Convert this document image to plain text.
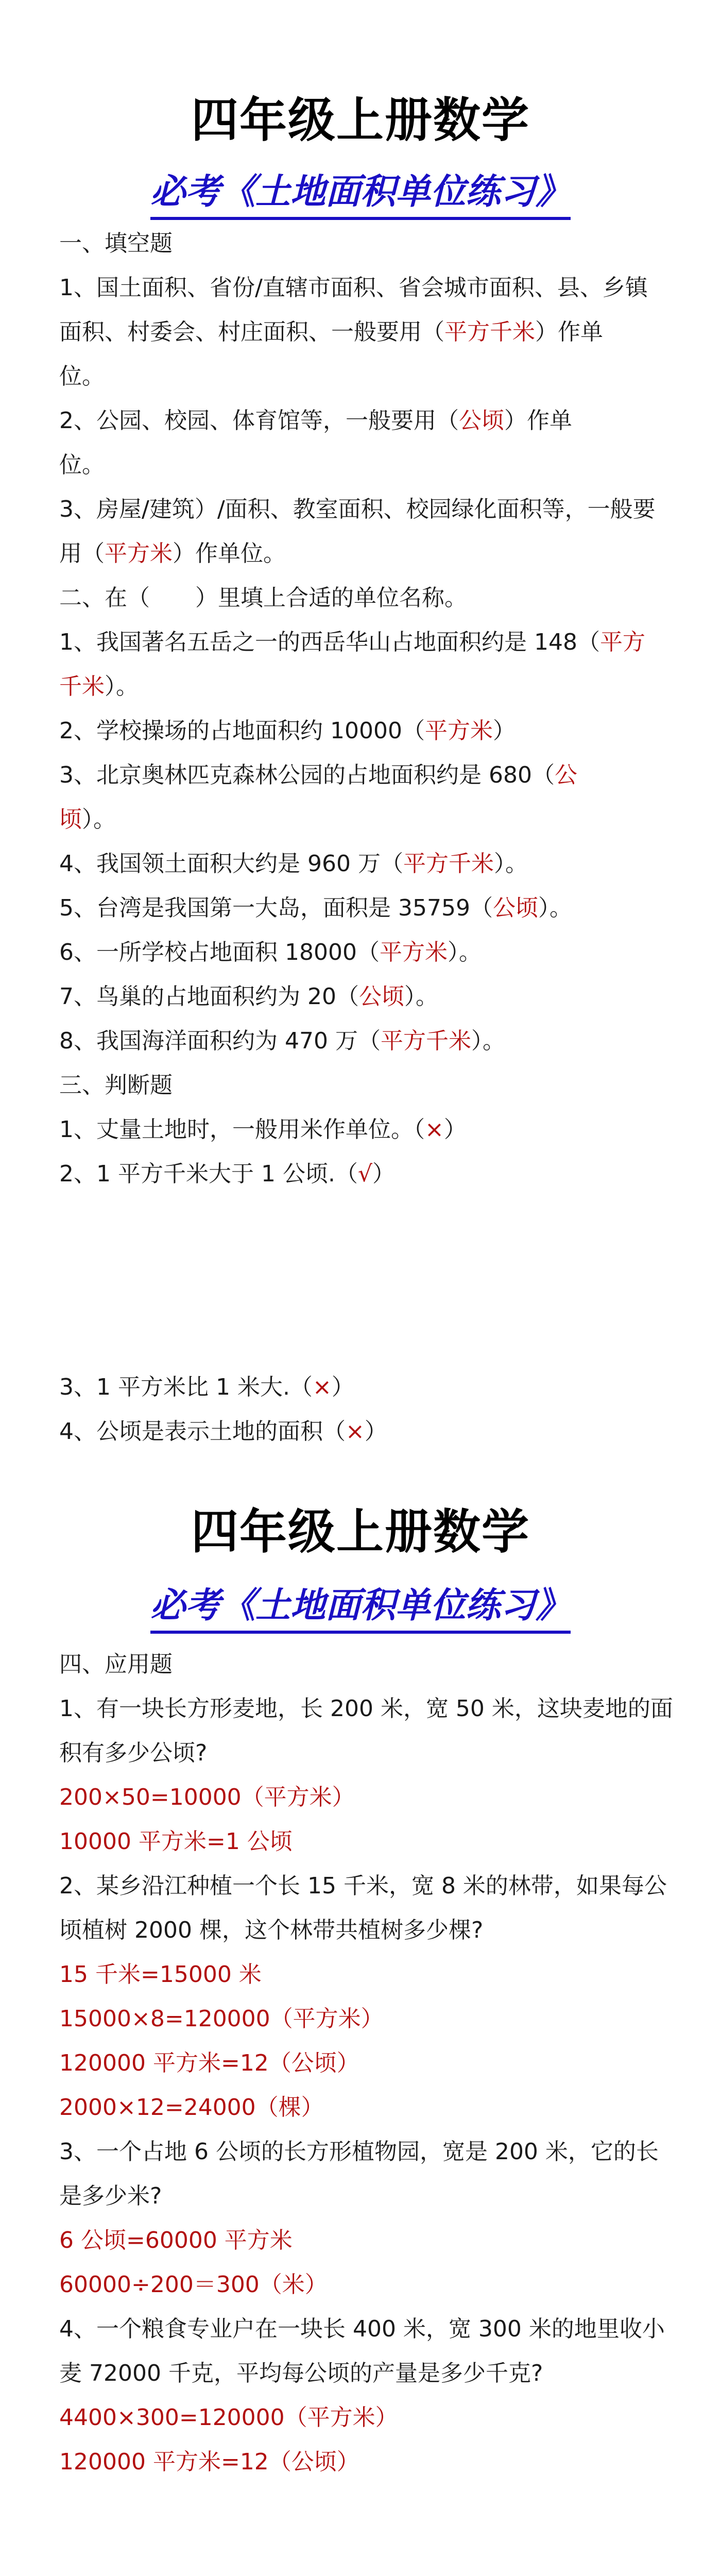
四年级上册数学
必考《土地面积单位练习》
一、填空题
1、国土面积、省份/直辖市面积、省会城市面积、县、乡镇
面积、村委会、村庄面积、一般要用（平方千米）作单
位。
2、公园、校园、体育馆等，一般要用（公顷）作单
位。
3、房屋/建筑）/面积、教室面积、校园绿化面积等，一般要
用（平方米）作单位。
二、在（　　）里填上合适的单位名称。
1、我国著名五岳之一的西岳华山占地面积约是 148（平方
千米）。
2、学校操场的占地面积约 10000（平方米）
3、北京奥林匹克森林公园的占地面积约是 680（公
顷）。
4、我国领土面积大约是 960 万（平方千米）。
5、台湾是我国第一大岛，面积是 35759（公顷）。
6、一所学校占地面积 18000（平方米）。
7、鸟巢的占地面积约为 20（公顷）。
8、我国海洋面积约为 470 万（平方千米）。
三、判断题
1、丈量土地时，一般用米作单位。（×）
2、1 平方千米大于 1 公顷.（√）
3、1 平方米比 1 米大.（×）
4、公顷是表示土地的面积（×）
四年级上册数学
必考《土地面积单位练习》
四、应用题
1、有一块长方形麦地，长 200 米，宽 50 米，这块麦地的面
积有多少公顷?
200×50=10000（平方米）
10000 平方米=1 公顷
2、某乡沿江种植一个长 15 千米，宽 8 米的林带，如果每公
顷植树 2000 棵，这个林带共植树多少棵?
15 千米=15000 米
15000×8=120000（平方米）
120000 平方米=12（公顷）
2000×12=24000（棵）
3、一个占地 6 公顷的长方形植物园，宽是 200 米，它的长
是多少米?
6 公顷=60000 平方米
60000÷200＝300（米）
4、一个粮食专业户在一块长 400 米，宽 300 米的地里收小
麦 72000 千克，平均每公顷的产量是多少千克?
4400×300=120000（平方米）
120000 平方米=12（公顷）
